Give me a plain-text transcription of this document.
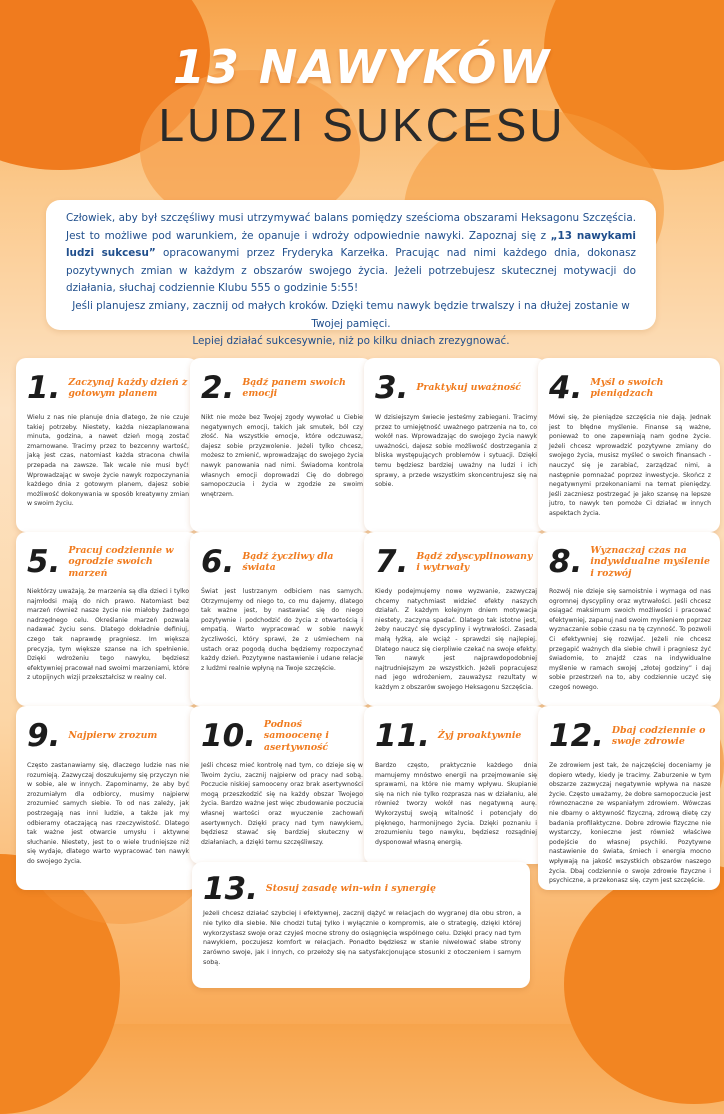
13 NAWYKÓW
LUDZI SUKCESU

Człowiek, aby był szczęśliwy musi utrzymywać balans pomiędzy sześcioma obszarami Heksagonu Szczęścia. Jest to możliwe pod warunkiem, że opanuje i wdroży odpowiednie nawyki. Zapoznaj się z „13 nawykami ludzi sukcesu” opracowanymi przez Fryderyka Karzełka. Pracując nad nimi każdego dnia, dokonasz pozytywnych zmian w każdym z obszarów swojego życia. Jeżeli potrzebujesz skutecznej motywacji do działania, słuchaj codziennie Klubu 555 o godzinie 5:55!

Jeśli planujesz zmiany, zacznij od małych kroków. Dzięki temu nawyk będzie trwalszy i na dłużej zostanie w Twojej pamięci.

Lepiej działać sukcesywnie, niż po kilku dniach zrezygnować.

1. Zaczynaj każdy dzień z gotowym planem

Wielu z nas nie planuje dnia dlatego, że nie czuje takiej potrzeby. Niestety, każda niezaplanowana minuta, godzina, a nawet dzień mogą zostać zmarnowane. Tracimy przez to bezcenny wartość, jaką jest czas, natomiast każda stracona chwila przepada na zawsze. Tak wcale nie musi być! Wprowadzając w swoje życie nawyk rozpoczynania każdego dnia z gotowym planem, dajesz sobie możliwość dokonywania w sposób kreatywny zmian w swoim życiu.

2. Bądź panem swoich emocji

Nikt nie może bez Twojej zgody wywołać u Ciebie negatywnych emocji, takich jak smutek, ból czy złość. Na wszystkie emocje, które odczuwasz, dajesz sobie przyzwolenie. Jeżeli tylko chcesz, możesz to zmienić, wprowadzając do swojego życia nawyk panowania nad nimi. Świadoma kontrola własnych emocji doprowadzi Cię do dobrego samopoczucia i życia w zgodzie ze swoim wnętrzem.

3. Praktykuj uważność

W dzisiejszym świecie jesteśmy zabiegani. Tracimy przez to umiejętność uważnego patrzenia na to, co wokół nas. Wprowadzając do swojego życia nawyk uważności, dajesz sobie możliwość dostrzegania z bliska występujących problemów i sytuacji. Dzięki temu będziesz bardziej uważny na ludzi i ich sprawy, a przede wszystkim skoncentrujesz się na sobie.

4. Myśl o swoich pieniądzach

Mówi się, że pieniądze szczęścia nie dają. Jednak jest to błędne myślenie. Finanse są ważne, ponieważ to one zapewniają nam godne życie. Jeżeli chcesz wprowadzić pozytywne zmiany do swojego życia, musisz myśleć o swoich finansach - nauczyć się je zarabiać, zarządzać nimi, a następnie pomnażać poprzez inwestycje. Skończ z negatywnymi przekonaniami na temat pieniędzy. Jeśli zaczniesz postrzegać je jako szansę na lepsze jutro, to nawyk ten pomoże Ci działać w innych aspektach życia.

5. Pracuj codziennie w ogrodzie swoich marzeń

Niektórzy uważają, że marzenia są dla dzieci i tylko najmłodsi mają do nich prawo. Natomiast bez marzeń również nasze życie nie miałoby żadnego nadrzędnego celu. Określanie marzeń pozwala nadawać życiu sens. Dlatego dokładnie definiuj, czego tak naprawdę pragniesz. Im większa precyzja, tym większe szanse na ich spełnienie. Dzięki wdrożeniu tego nawyku, będziesz efektywniej pracował nad swoimi marzeniami, które z utopijnych wizji przekształcisz w realny cel.

6. Bądź życzliwy dla świata

Świat jest lustrzanym odbiciem nas samych. Otrzymujemy od niego to, co mu dajemy, dlatego tak ważne jest, by nastawiać się do niego pozytywnie i podchodzić do życia z otwartością i empatią. Warto wypracować w sobie nawyk życzliwości, który sprawi, że z uśmiechem na ustach oraz pogodą ducha będziemy rozpoczynać każdy dzień. Pozytywne nastawienie i udane relacje z ludźmi realnie wpłyną na Twoje szczęście.

7. Bądź zdyscyplinowany i wytrwały

Kiedy podejmujemy nowe wyzwanie, zazwyczaj chcemy natychmiast widzieć efekty naszych działań. Z każdym kolejnym dniem motywacja niestety, zaczyna spadać. Dlatego tak istotne jest, żeby nauczyć się dyscypliny i wytrwałości. Zasada małą łyżką, ale wciąż - sprawdzi się najlepiej. Dlatego naucz się cierpliwie czekać na swoje efekty. Ten nawyk jest najprawdopodobniej najtrudniejszym ze wszystkich. Jeżeli popracujesz nad jego wdrożeniem, zauważysz rezultaty w każdym z obszarów swojego Heksagonu Szczęścia.

8. Wyznaczaj czas na indywidualne myślenie i rozwój

Rozwój nie dzieje się samoistnie i wymaga od nas ogromnej dyscypliny oraz wytrwałości. Jeśli chcesz osiągać maksimum swoich możliwości i pracować efektywniej, zapanuj nad swoim myśleniem poprzez wyznaczanie sobie czasu na tę czynność. To pozwoli Ci efektywniej się rozwijać. Jeżeli nie chcesz przegapić ważnych dla siebie chwil i pragniesz żyć świadomie, to znajdź czas na indywidualne myślenie w ramach swojej „złotej godziny” i daj sobie przestrzeń na to, aby codziennie uczyć się czegoś nowego.

9. Najpierw zrozum

Często zastanawiamy się, dlaczego ludzie nas nie rozumieją. Zazwyczaj doszukujemy się przyczyn nie w sobie, ale w innych. Zapominamy, że aby być zrozumiałym dla odbiorcy, musimy najpierw zrozumieć samych siebie. To od nas zależy, jak postrzegają nas inni ludzie, a także jak my odbieramy otaczającą nas rzeczywistość. Dlatego tak ważne jest otwarcie umysłu i aktywne słuchanie. Niestety, jest to o wiele trudniejsze niż się wydaje, dlatego warto wypracować ten nawyk do swojego życia.

10. Podnoś samoocenę i asertywność

Jeśli chcesz mieć kontrolę nad tym, co dzieje się w Twoim życiu, zacznij najpierw od pracy nad sobą. Poczucie niskiej samooceny oraz brak asertywności mogą przeszkodzić się na każdy obszar Twojego życia. Bardzo ważne jest więc zbudowanie poczucia własnej wartości oraz wyuczenie zachowań asertywnych. Dzięki pracy nad tym nawykiem, będziesz stawać się bardziej skuteczny w działaniach, a dzięki temu szczęśliwszy.

11. Żyj proaktywnie

Bardzo często, praktycznie każdego dnia mamujemy mnóstwo energii na przejmowanie się sprawami, na które nie mamy wpływu. Skupianie się na nich nie tylko rozprasza nas w działaniu, ale również tworzy wokół nas negatywną aurę. Wykorzystuj swoją witalność i potencjały do pięknego, harmonijnego życia. Dzięki poznaniu i zrozumieniu tego nawyku, będziesz rozsądniej dysponował własną energią.

12. Dbaj codziennie o swoje zdrowie

Ze zdrowiem jest tak, że najczęściej doceniamy je dopiero wtedy, kiedy je tracimy. Zaburzenie w tym obszarze zazwyczaj negatywnie wpływa na nasze życie. Często uważamy, że dobre samopoczucie jest równoznaczne ze wspaniałym zdrowiem. Wówczas nie dbamy o aktywność fizyczną, zdrową dietę czy badania profilaktyczne. Dobre zdrowie fizyczne nie wystarczy, konieczne jest również właściwe podejście do własnej psychiki. Pozytywne nastawienie do świata, śmiech i energia mocno wpływają na jakość wszystkich obszarów naszego życia. Dbaj codziennie o swoje zdrowie fizyczne i psychiczne, a przekonasz się, czym jest szczęście.

13. Stosuj zasadę win-win i synergię

Jeżeli chcesz działać szybciej i efektywnej, zacznij dążyć w relacjach do wygranej dla obu stron, a nie tylko dla siebie. Nie chodzi tutaj tylko i wyłącznie o kompromis, ale o strategię, dzięki której wykorzystasz swoje oraz czyjeś mocne strony do osiągnięcia wspólnego celu. Dzięki pracy nad tym nawykiem, poczujesz komfort w relacjach. Ponadto będziesz w stanie niwelować słabe strony zarówno swoje, jak i innych, co przełoży się na satysfakcjonujące stosunki z otoczeniem i samym sobą.
